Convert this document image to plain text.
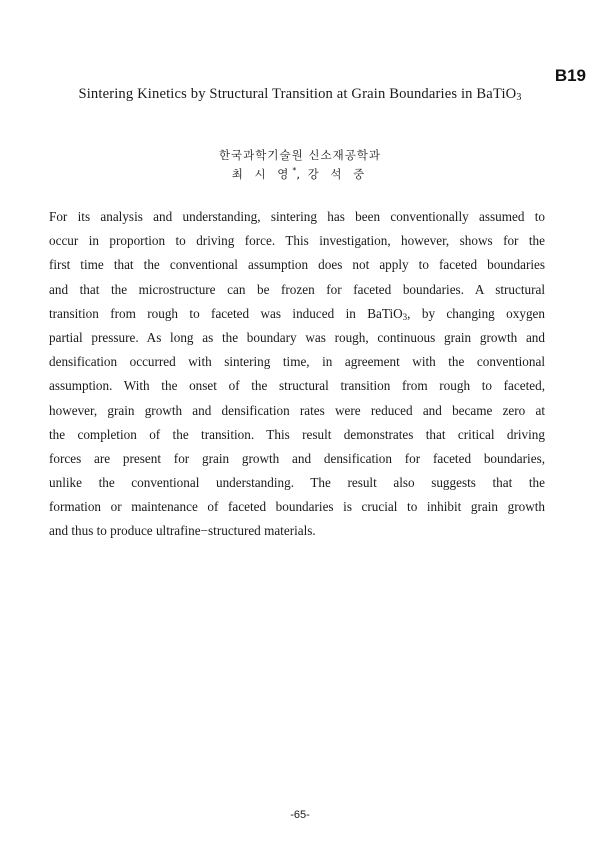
B19
Sintering Kinetics by Structural Transition at Grain Boundaries in BaTiO$_3$
한국과학기술원 신소재공학과
최 시 영*, 강 석 중
For its analysis and understanding, sintering has been conventionally assumed to
occur in proportion to driving force. This investigation, however, shows for the
first time that the conventional assumption does not apply to faceted boundaries
and that the microstructure can be frozen for faceted boundaries. A structural
transition from rough to faceted was induced in BaTiO$_3$, by changing oxygen
partial pressure. As long as the boundary was rough, continuous grain growth and
densification occurred with sintering time, in agreement with the conventional
assumption. With the onset of the structural transition from rough to faceted,
however, grain growth and densification rates were reduced and became zero at
the completion of the transition. This result demonstrates that critical driving
forces are present for grain growth and densification for faceted boundaries,
unlike the conventional understanding. The result also suggests that the
formation or maintenance of faceted boundaries is crucial to inhibit grain growth
and thus to produce ultrafine−structured materials.
-65-
